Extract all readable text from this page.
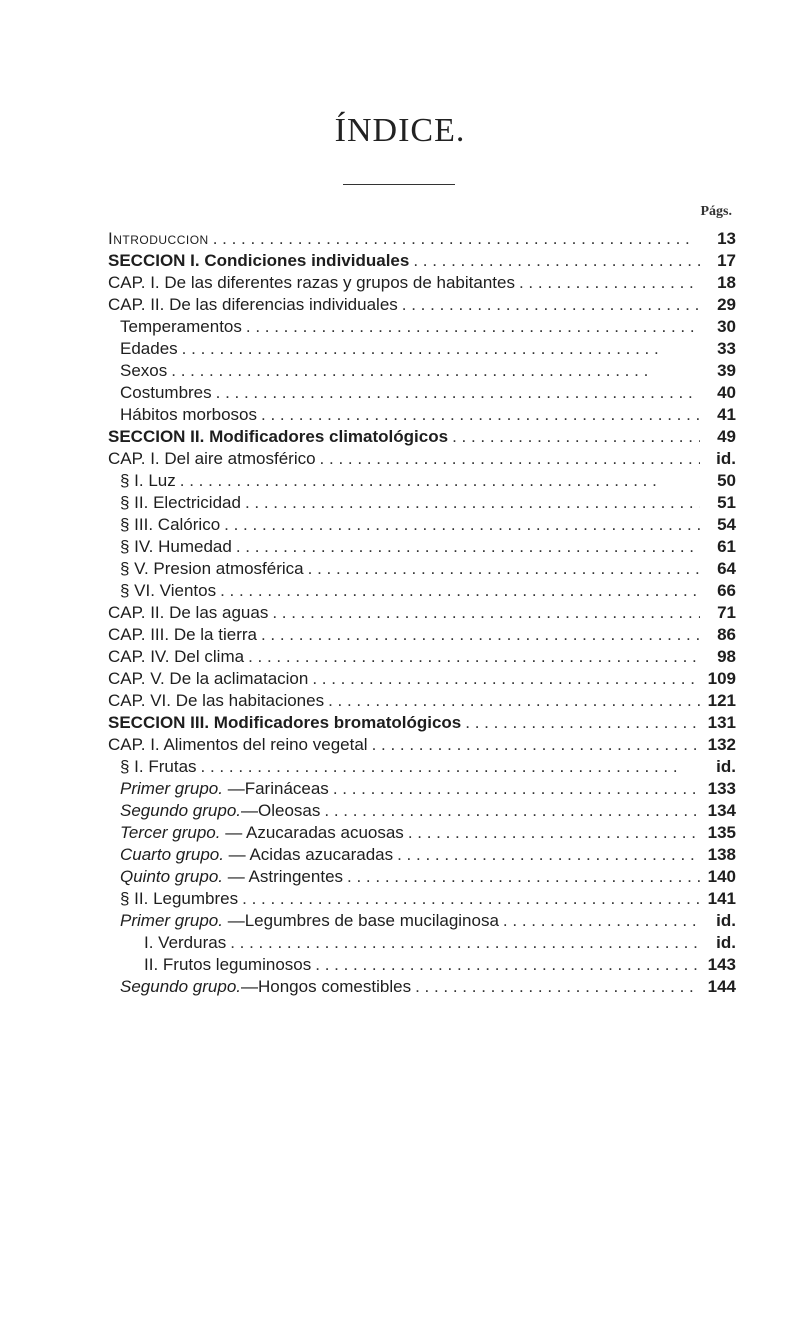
ÍNDICE.
Págs.
Introduccion . . .	13
SECCION I. Condiciones individuales . . .	17
CAP. I. De las diferentes razas y grupos de habitantes . . .	18
CAP. II. De las diferencias individuales . . .	29
Temperamentos . . .	30
Edades . . .	33
Sexos . . .	39
Costumbres . . .	40
Hábitos morbosos . . .	41
SECCION II. Modificadores climatológicos . . .	49
CAP. I. Del aire atmosférico . . .	id.
§ I. Luz . . .	50
§ II. Electricidad . . .	51
§ III. Calórico . . .	54
§ IV. Humedad . . .	61
§ V. Presion atmosférica . . .	64
§ VI. Vientos . . .	66
CAP. II. De las aguas . . .	71
CAP. III. De la tierra . . .	86
CAP. IV. Del clima . . .	98
CAP. V. De la aclimatacion . . .	109
CAP. VI. De las habitaciones . . .	121
SECCION III. Modificadores bromatológicos . . .	131
CAP. I. Alimentos del reino vegetal . . .	132
§ I. Frutas . . .	id.
Primer grupo. —Farináceas . . .	133
Segundo grupo.—Oleosas . . .	134
Tercer grupo. — Azucaradas acuosas . . .	135
Cuarto grupo. — Acidas azucaradas . . .	138
Quinto grupo. — Astringentes . . .	140
§ II. Legumbres . . .	141
Primer grupo. —Legumbres de base mucilaginosa . . .	id.
I. Verduras . . .	id.
II. Frutos leguminosos . . .	143
Segundo grupo.—Hongos comestibles . . .	144
